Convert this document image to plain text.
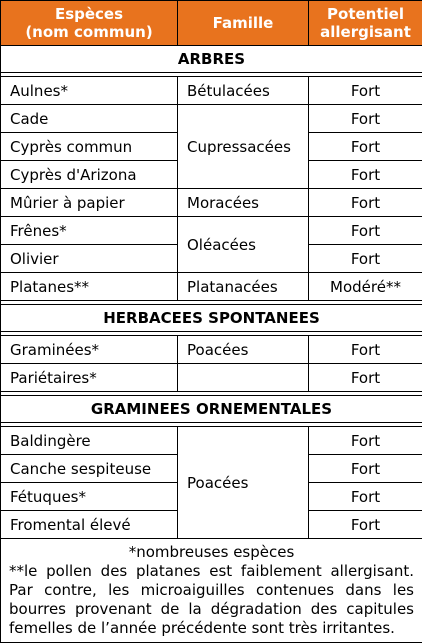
Espèces
(nom commun)	Famille	Potentiel
allergisant
ARBRES		

Aulnes*	Bétulacées	Fort
Cade	Cupressacées	Fort
Cyprès commun		Fort
Cyprès d'Arizona		Fort
Mûrier à papier	Moracées	Fort
Frênes*	Oléacées	Fort
Olivier		Fort
Platanes**	Platanacées	Modéré**

HERBACEES SPONTANEES		

Graminées*	Poacées	Fort
Pariétaires*		Fort

GRAMINEES ORNEMENTALES		

Baldingère	Poacées	Fort
Canche sespiteuse		Fort
Fétuques*		Fort
Fromental élevé		Fort

*nombreuses espèces
**le pollen des platanes est faiblement allergisant. Par contre, les microaiguilles contenues dans les bourres provenant de la dégradation des capitules femelles de l’année précédente sont très irritantes.		
